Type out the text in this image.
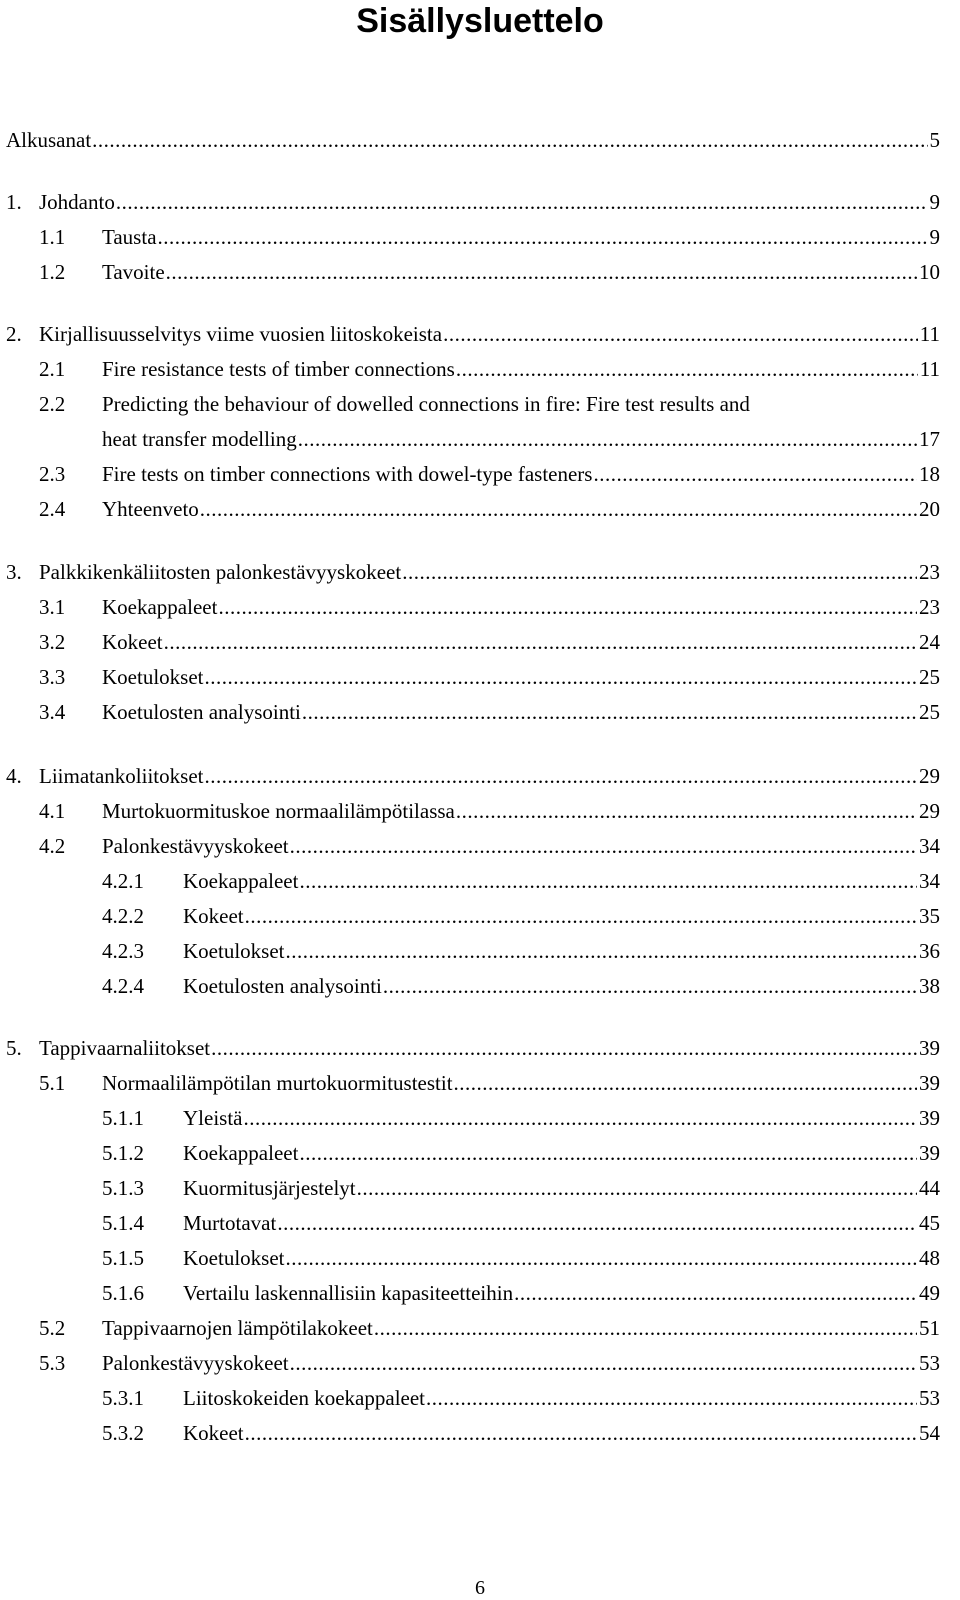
Sisällysluettelo
Alkusanat .....	5
1. Johdanto .....	9
1.1	Tausta .....	9
1.2	Tavoite .....	10
2. Kirjallisuusselvitys viime vuosien liitoskokeista .....	11
2.1	Fire resistance tests of timber connections .....	11
2.2 Predicting the behaviour of dowelled connections in fire: Fire test results and
heat transfer modelling .....	17
2.3	Fire tests on timber connections with dowel-type fasteners .....	18
2.4	Yhteenveto .....	20
3. Palkkikenkäliitosten palonkestävyyskokeet .....	23
3.1	Koekappaleet .....	23
3.2	Kokeet .....	24
3.3	Koetulokset .....	25
3.4	Koetulosten analysointi .....	25
4. Liimatankoliitokset .....	29
4.1	Murtokuormituskoe normaalilämpötilassa .....	29
4.2	Palonkestävyyskokeet .....	34
4.2.1	Koekappaleet .....	34
4.2.2	Kokeet .....	35
4.2.3	Koetulokset .....	36
4.2.4	Koetulosten analysointi .....	38
5. Tappivaarnaliitokset .....	39
5.1	Normaalilämpötilan murtokuormitustestit .....	39
5.1.1	Yleistä .....	39
5.1.2	Koekappaleet .....	39
5.1.3	Kuormitusjärjestelyt .....	44
5.1.4	Murtotavat .....	45
5.1.5	Koetulokset .....	48
5.1.6	Vertailu laskennallisiin kapasiteetteihin .....	49
5.2	Tappivaarnojen lämpötilakokeet .....	51
5.3	Palonkestävyyskokeet .....	53
5.3.1	Liitoskokeiden koekappaleet .....	53
5.3.2	Kokeet .....	54
6
